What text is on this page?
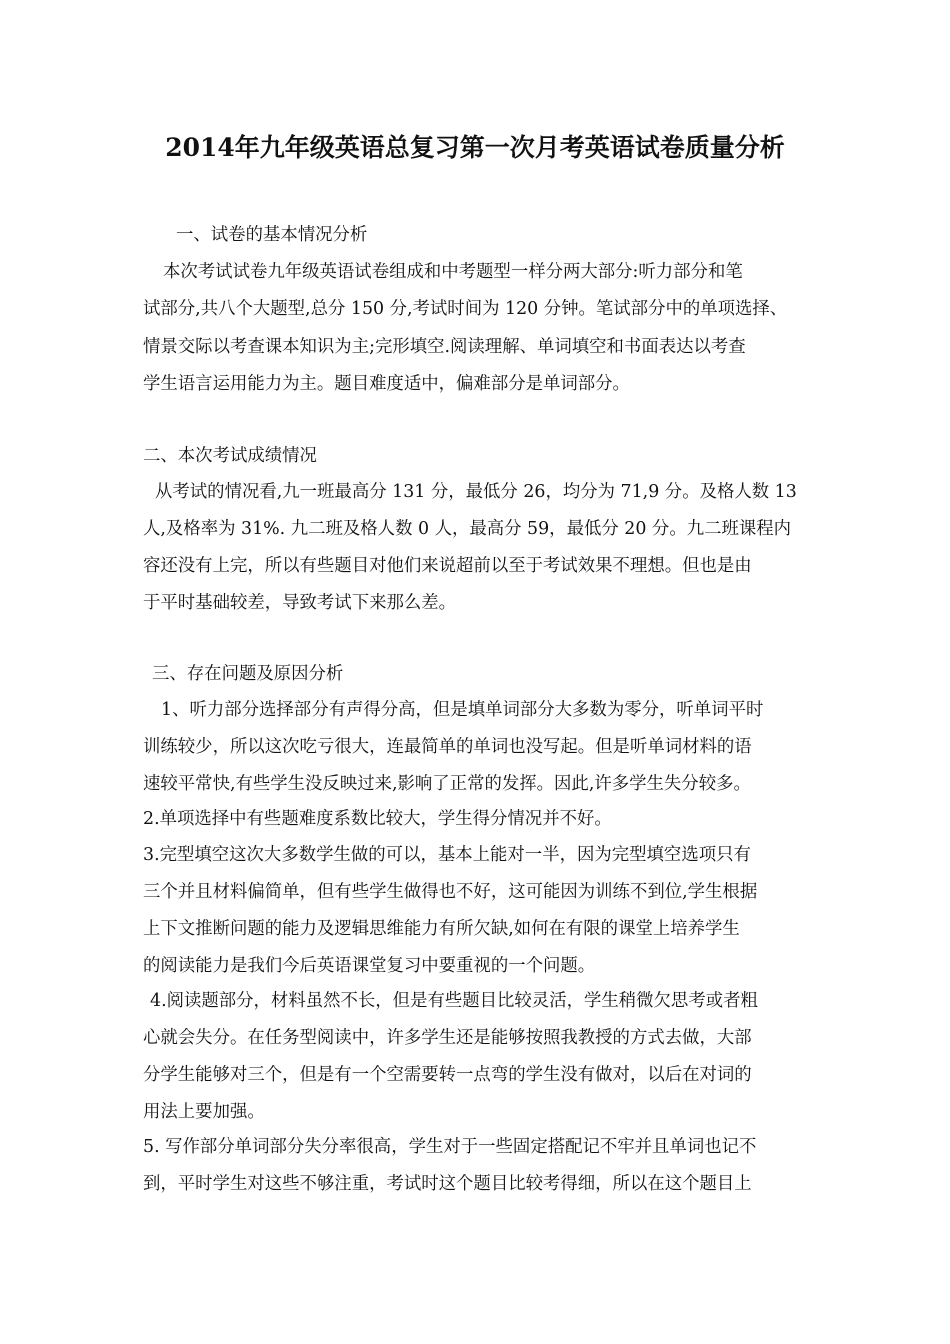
2014年九年级英语总复习第一次月考英语试卷质量分析
一、试卷的基本情况分析
本次考试试卷九年级英语试卷组成和中考题型一样分两大部分:听力部分和笔
试部分,共八个大题型,总分 150 分,考试时间为 120 分钟。笔试部分中的单项选择、
情景交际以考查课本知识为主;完形填空.阅读理解、单词填空和书面表达以考查
学生语言运用能力为主。题目难度适中，偏难部分是单词部分。
二、本次考试成绩情况
从考试的情况看,九一班最高分 131 分，最低分 26，均分为 71,9 分。及格人数 13
人,及格率为 31%. 九二班及格人数 0 人，最高分 59，最低分 20 分。九二班课程内
容还没有上完，所以有些题目对他们来说超前以至于考试效果不理想。但也是由
于平时基础较差，导致考试下来那么差。
三、存在问题及原因分析
1、听力部分选择部分有声得分高，但是填单词部分大多数为零分，听单词平时
训练较少，所以这次吃亏很大，连最简单的单词也没写起。但是听单词材料的语
速较平常快,有些学生没反映过来,影响了正常的发挥。因此,许多学生失分较多。
2.单项选择中有些题难度系数比较大，学生得分情况并不好。
3.完型填空这次大多数学生做的可以，基本上能对一半，因为完型填空选项只有
三个并且材料偏简单，但有些学生做得也不好，这可能因为训练不到位,学生根据
上下文推断问题的能力及逻辑思维能力有所欠缺,如何在有限的课堂上培养学生
的阅读能力是我们今后英语课堂复习中要重视的一个问题。
4.阅读题部分，材料虽然不长，但是有些题目比较灵活，学生稍微欠思考或者粗
心就会失分。在任务型阅读中，许多学生还是能够按照我教授的方式去做，大部
分学生能够对三个，但是有一个空需要转一点弯的学生没有做对，以后在对词的
用法上要加强。
5. 写作部分单词部分失分率很高，学生对于一些固定搭配记不牢并且单词也记不
到，平时学生对这些不够注重，考试时这个题目比较考得细，所以在这个题目上
